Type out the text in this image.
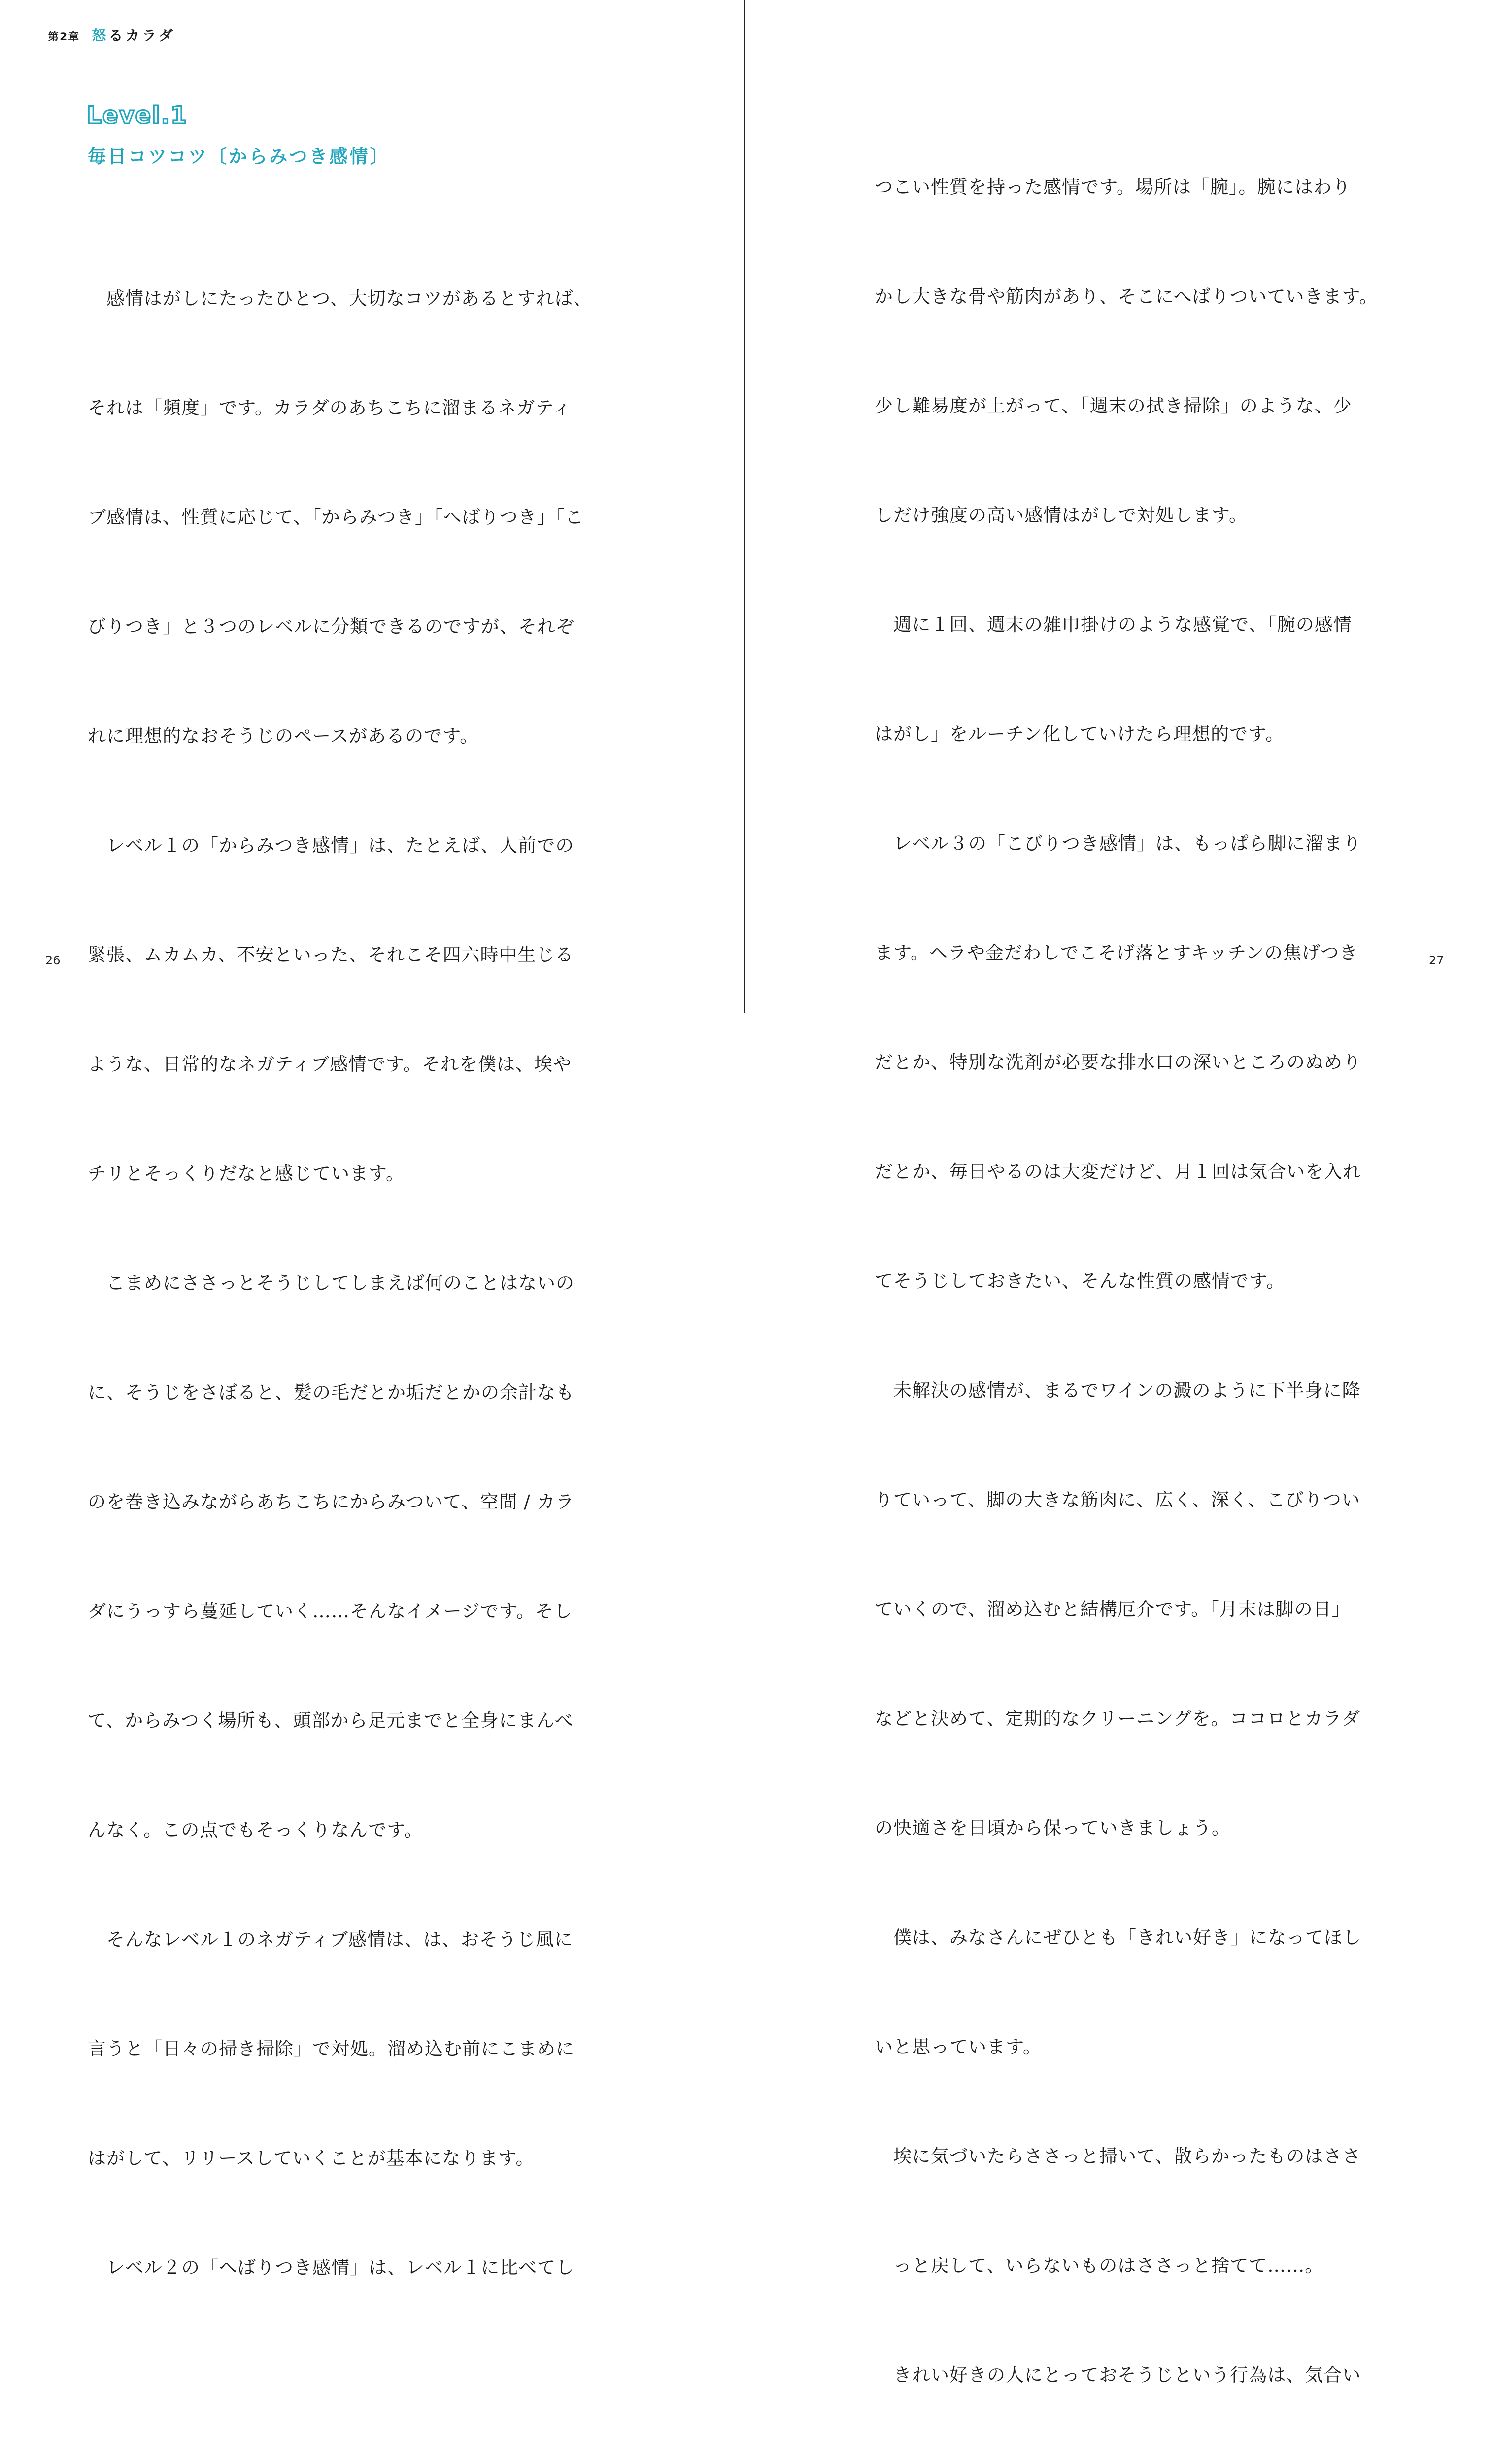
第2章 怒るカラダ
Level.1
毎日コツコツ〔からみつき感情〕

　感情はがしにたったひとつ、大切なコツがあるとすれば、

それは「頻度」です。カラダのあちこちに溜まるネガティ

ブ感情は、性質に応じて、「からみつき」「へばりつき」「こ

びりつき」と３つのレベルに分類できるのですが、それぞ

れに理想的なおそうじのペースがあるのです。

　レベル１の「からみつき感情」は、たとえば、人前での

緊張、ムカムカ、不安といった、それこそ四六時中生じる

ような、日常的なネガティブ感情です。それを僕は、埃や

チリとそっくりだなと感じています。

　こまめにささっとそうじしてしまえば何のことはないの

に、そうじをさぼると、髪の毛だとか垢だとかの余計なも

のを巻き込みながらあちこちにからみついて、空間 / カラ

ダにうっすら蔓延していく……そんなイメージです。そし

て、からみつく場所も、頭部から足元までと全身にまんべ

んなく。この点でもそっくりなんです。

　そんなレベル１のネガティブ感情は、は、おそうじ風に

言うと「日々の掃き掃除」で対処。溜め込む前にこまめに

はがして、リリースしていくことが基本になります。

　レベル２の「へばりつき感情」は、レベル１に比べてし

26

つこい性質を持った感情です。場所は「腕」。腕にはわり

かし大きな骨や筋肉があり、そこにへばりついていきます。

少し難易度が上がって、「週末の拭き掃除」のような、少

しだけ強度の高い感情はがしで対処します。

　週に１回、週末の雑巾掛けのような感覚で、「腕の感情

はがし」をルーチン化していけたら理想的です。

　レベル３の「こびりつき感情」は、もっぱら脚に溜まり

ます。ヘラや金だわしでこそげ落とすキッチンの焦げつき

だとか、特別な洗剤が必要な排水口の深いところのぬめり

だとか、毎日やるのは大変だけど、月１回は気合いを入れ

てそうじしておきたい、そんな性質の感情です。

　未解決の感情が、まるでワインの澱のように下半身に降

りていって、脚の大きな筋肉に、広く、深く、こびりつい

ていくので、溜め込むと結構厄介です。「月末は脚の日」

などと決めて、定期的なクリーニングを。ココロとカラダ

の快適さを日頃から保っていきましょう。

　僕は、みなさんにぜひとも「きれい好き」になってほし

いと思っています。

　埃に気づいたらささっと掃いて、散らかったものはささ

　っと戻して、いらないものはささっと捨てて……。

　きれい好きの人にとっておそうじという行為は、気合い

27
